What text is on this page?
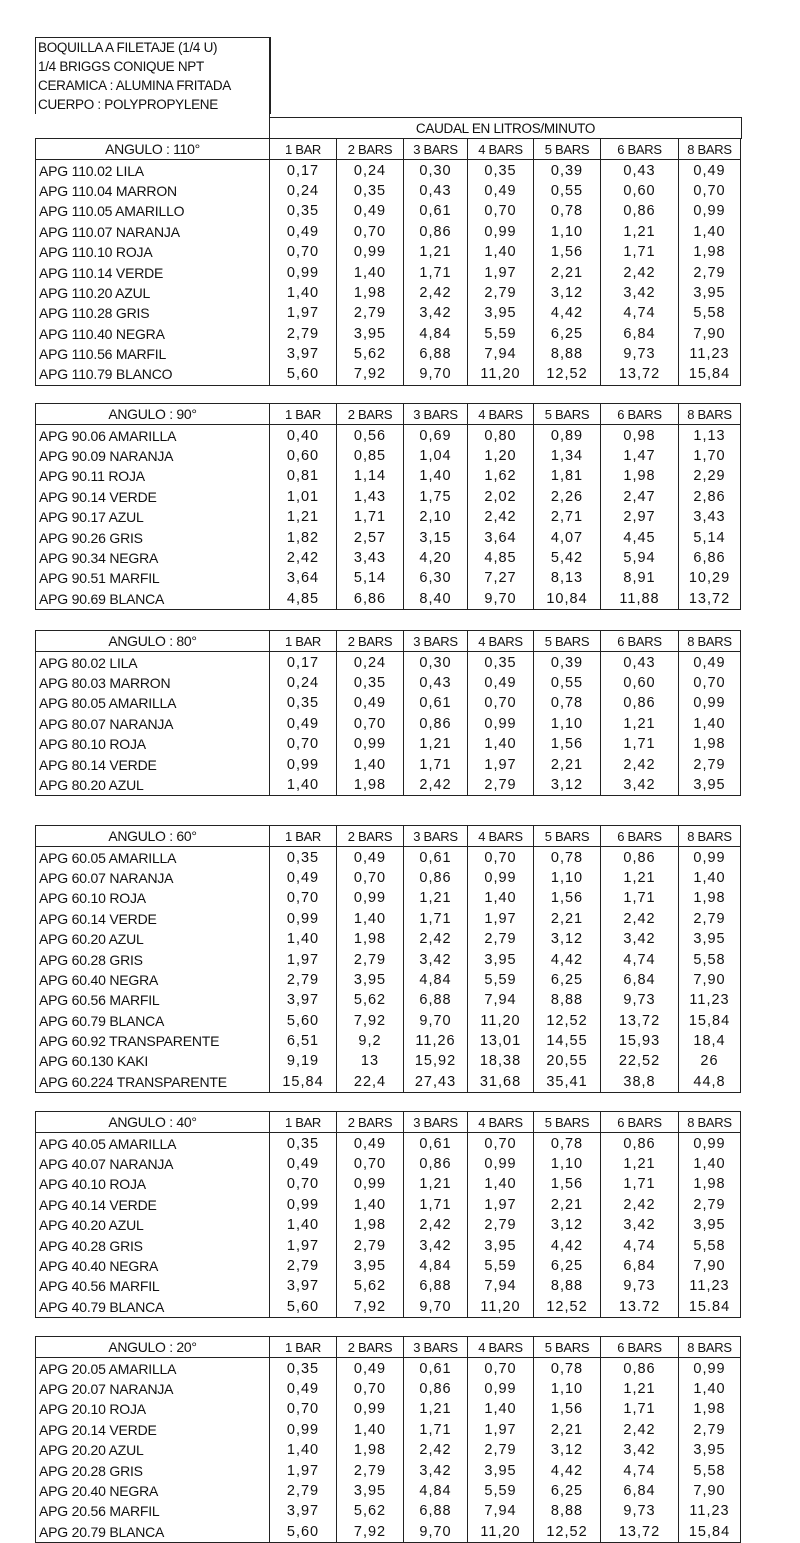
BOQUILLA A FILETAJE (1/4 U)
1/4 BRIGGS CONIQUE NPT
CERAMICA : ALUMINA FRITADA
CUERPO : POLYPROPYLENE
CAUDAL EN LITROS/MINUTO
ANGULO : 110°	1 BAR	2 BARS	3 BARS	4 BARS	5 BARS	6 BARS	8 BARS
APG 110.02 LILA	0,17	0,24	0,30	0,35	0,39	0,43	0,49
APG 110.04 MARRON	0,24	0,35	0,43	0,49	0,55	0,60	0,70
APG 110.05 AMARILLO	0,35	0,49	0,61	0,70	0,78	0,86	0,99
APG 110.07 NARANJA	0,49	0,70	0,86	0,99	1,10	1,21	1,40
APG 110.10 ROJA	0,70	0,99	1,21	1,40	1,56	1,71	1,98
APG 110.14 VERDE	0,99	1,40	1,71	1,97	2,21	2,42	2,79
APG 110.20 AZUL	1,40	1,98	2,42	2,79	3,12	3,42	3,95
APG 110.28 GRIS	1,97	2,79	3,42	3,95	4,42	4,74	5,58
APG 110.40 NEGRA	2,79	3,95	4,84	5,59	6,25	6,84	7,90
APG 110.56 MARFIL	3,97	5,62	6,88	7,94	8,88	9,73	11,23
APG 110.79 BLANCO	5,60	7,92	9,70	11,20	12,52	13,72	15,84
ANGULO : 90°	1 BAR	2 BARS	3 BARS	4 BARS	5 BARS	6 BARS	8 BARS
APG 90.06 AMARILLA	0,40	0,56	0,69	0,80	0,89	0,98	1,13
APG 90.09 NARANJA	0,60	0,85	1,04	1,20	1,34	1,47	1,70
APG 90.11 ROJA	0,81	1,14	1,40	1,62	1,81	1,98	2,29
APG 90.14 VERDE	1,01	1,43	1,75	2,02	2,26	2,47	2,86
APG 90.17 AZUL	1,21	1,71	2,10	2,42	2,71	2,97	3,43
APG 90.26 GRIS	1,82	2,57	3,15	3,64	4,07	4,45	5,14
APG 90.34 NEGRA	2,42	3,43	4,20	4,85	5,42	5,94	6,86
APG 90.51 MARFIL	3,64	5,14	6,30	7,27	8,13	8,91	10,29
APG 90.69 BLANCA	4,85	6,86	8,40	9,70	10,84	11,88	13,72
ANGULO : 80°	1 BAR	2 BARS	3 BARS	4 BARS	5 BARS	6 BARS	8 BARS
APG 80.02 LILA	0,17	0,24	0,30	0,35	0,39	0,43	0,49
APG 80.03 MARRON	0,24	0,35	0,43	0,49	0,55	0,60	0,70
APG 80.05 AMARILLA	0,35	0,49	0,61	0,70	0,78	0,86	0,99
APG 80.07 NARANJA	0,49	0,70	0,86	0,99	1,10	1,21	1,40
APG 80.10 ROJA	0,70	0,99	1,21	1,40	1,56	1,71	1,98
APG 80.14 VERDE	0,99	1,40	1,71	1,97	2,21	2,42	2,79
APG 80.20 AZUL	1,40	1,98	2,42	2,79	3,12	3,42	3,95
ANGULO : 60°	1 BAR	2 BARS	3 BARS	4 BARS	5 BARS	6 BARS	8 BARS
APG 60.05 AMARILLA	0,35	0,49	0,61	0,70	0,78	0,86	0,99
APG 60.07 NARANJA	0,49	0,70	0,86	0,99	1,10	1,21	1,40
APG 60.10 ROJA	0,70	0,99	1,21	1,40	1,56	1,71	1,98
APG 60.14 VERDE	0,99	1,40	1,71	1,97	2,21	2,42	2,79
APG 60.20 AZUL	1,40	1,98	2,42	2,79	3,12	3,42	3,95
APG 60.28 GRIS	1,97	2,79	3,42	3,95	4,42	4,74	5,58
APG 60.40 NEGRA	2,79	3,95	4,84	5,59	6,25	6,84	7,90
APG 60.56 MARFIL	3,97	5,62	6,88	7,94	8,88	9,73	11,23
APG 60.79 BLANCA	5,60	7,92	9,70	11,20	12,52	13,72	15,84
APG 60.92 TRANSPARENTE	6,51	9,2	11,26	13,01	14,55	15,93	18,4
APG 60.130 KAKI	9,19	13	15,92	18,38	20,55	22,52	26
APG 60.224 TRANSPARENTE	15,84	22,4	27,43	31,68	35,41	38,8	44,8
ANGULO : 40°	1 BAR	2 BARS	3 BARS	4 BARS	5 BARS	6 BARS	8 BARS
APG 40.05 AMARILLA	0,35	0,49	0,61	0,70	0,78	0,86	0,99
APG 40.07 NARANJA	0,49	0,70	0,86	0,99	1,10	1,21	1,40
APG 40.10 ROJA	0,70	0,99	1,21	1,40	1,56	1,71	1,98
APG 40.14 VERDE	0,99	1,40	1,71	1,97	2,21	2,42	2,79
APG 40.20 AZUL	1,40	1,98	2,42	2,79	3,12	3,42	3,95
APG 40.28 GRIS	1,97	2,79	3,42	3,95	4,42	4,74	5,58
APG 40.40 NEGRA	2,79	3,95	4,84	5,59	6,25	6,84	7,90
APG 40.56 MARFIL	3,97	5,62	6,88	7,94	8,88	9,73	11,23
APG 40.79 BLANCA	5,60	7,92	9,70	11,20	12,52	13.72	15.84
ANGULO : 20°	1 BAR	2 BARS	3 BARS	4 BARS	5 BARS	6 BARS	8 BARS
APG 20.05 AMARILLA	0,35	0,49	0,61	0,70	0,78	0,86	0,99
APG 20.07 NARANJA	0,49	0,70	0,86	0,99	1,10	1,21	1,40
APG 20.10 ROJA	0,70	0,99	1,21	1,40	1,56	1,71	1,98
APG 20.14 VERDE	0,99	1,40	1,71	1,97	2,21	2,42	2,79
APG 20.20 AZUL	1,40	1,98	2,42	2,79	3,12	3,42	3,95
APG 20.28 GRIS	1,97	2,79	3,42	3,95	4,42	4,74	5,58
APG 20.40 NEGRA	2,79	3,95	4,84	5,59	6,25	6,84	7,90
APG 20.56 MARFIL	3,97	5,62	6,88	7,94	8,88	9,73	11,23
APG 20.79 BLANCA	5,60	7,92	9,70	11,20	12,52	13,72	15,84
